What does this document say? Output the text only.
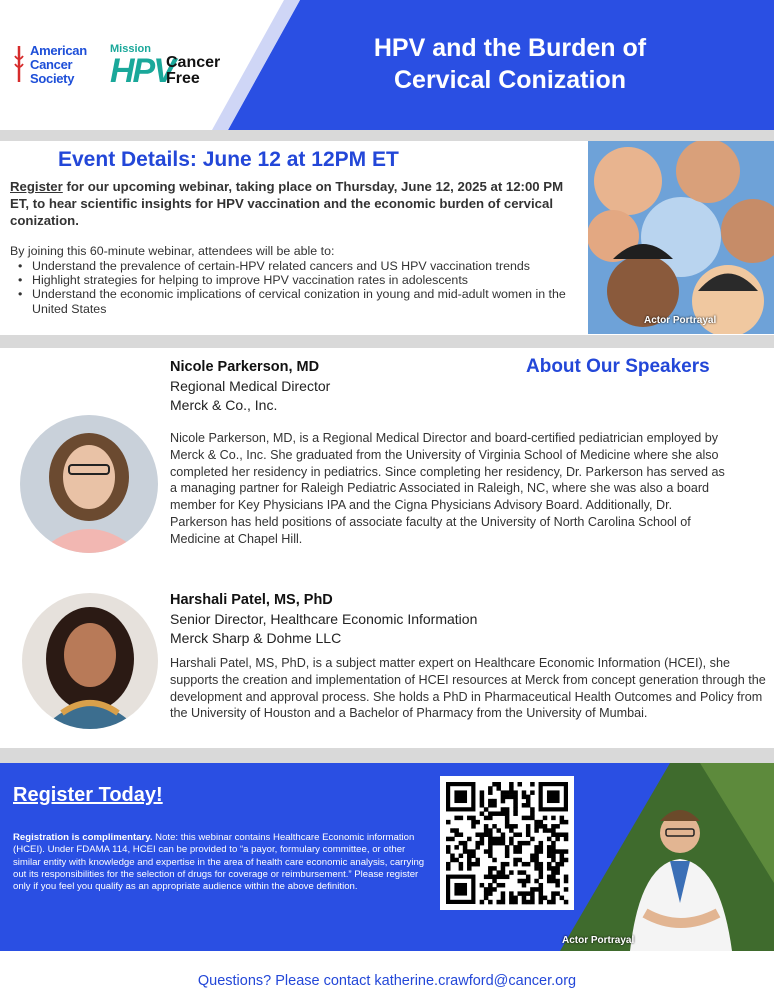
American
Cancer
Society
Mission
HPV
Cancer
Free
HPV and the Burden of
Cervical Conization
Event Details: June 12 at 12PM ET
Register for our upcoming webinar, taking place on Thursday, June 12, 2025 at 12:00 PM ET, to hear scientific insights for HPV vaccination and the economic burden of cervical conization.
By joining this 60-minute webinar, attendees will be able to:
• Understand the prevalence of certain-HPV related cancers and US HPV vaccination trends
• Highlight strategies for helping to improve HPV vaccination rates in adolescents
• Understand the economic implications of cervical conization in young and mid-adult women in the United States
Actor Portrayal
About Our Speakers
Nicole Parkerson, MD
Regional Medical Director
Merck & Co., Inc.
Nicole Parkerson, MD, is a Regional Medical Director and board-certified pediatrician employed by Merck & Co., Inc. She graduated from the University of Virginia School of Medicine where she also completed her residency in pediatrics. Since completing her residency, Dr. Parkerson has served as a managing partner for Raleigh Pediatric Associated in Raleigh, NC, where she was also a board member for Key Physicians IPA and the Cigna Physicians Advisory Board. Additionally, Dr. Parkerson has held positions of associate faculty at the University of North Carolina School of Medicine at Chapel Hill.
Harshali Patel, MS, PhD
Senior Director, Healthcare Economic Information
Merck Sharp & Dohme LLC
Harshali Patel, MS, PhD, is a subject matter expert on Healthcare Economic Information (HCEI), she supports the creation and implementation of HCEI resources at Merck from concept generation through the development and approval process. She holds a PhD in Pharmaceutical Health Outcomes and Policy from the University of Houston and a Bachelor of Pharmacy from the University of Mumbai.
Register Today!
Registration is complimentary. Note: this webinar contains Healthcare Economic information (HCEI). Under FDAMA 114, HCEI can be provided to “a payor, formulary committee, or other similar entity with knowledge and expertise in the area of health care economic analysis, carrying out its responsibilities for the selection of drugs for coverage or reimbursement.” Please register only if you feel you qualify as an appropriate audience within the above definition.
Actor Portrayal
Questions? Please contact katherine.crawford@cancer.org
